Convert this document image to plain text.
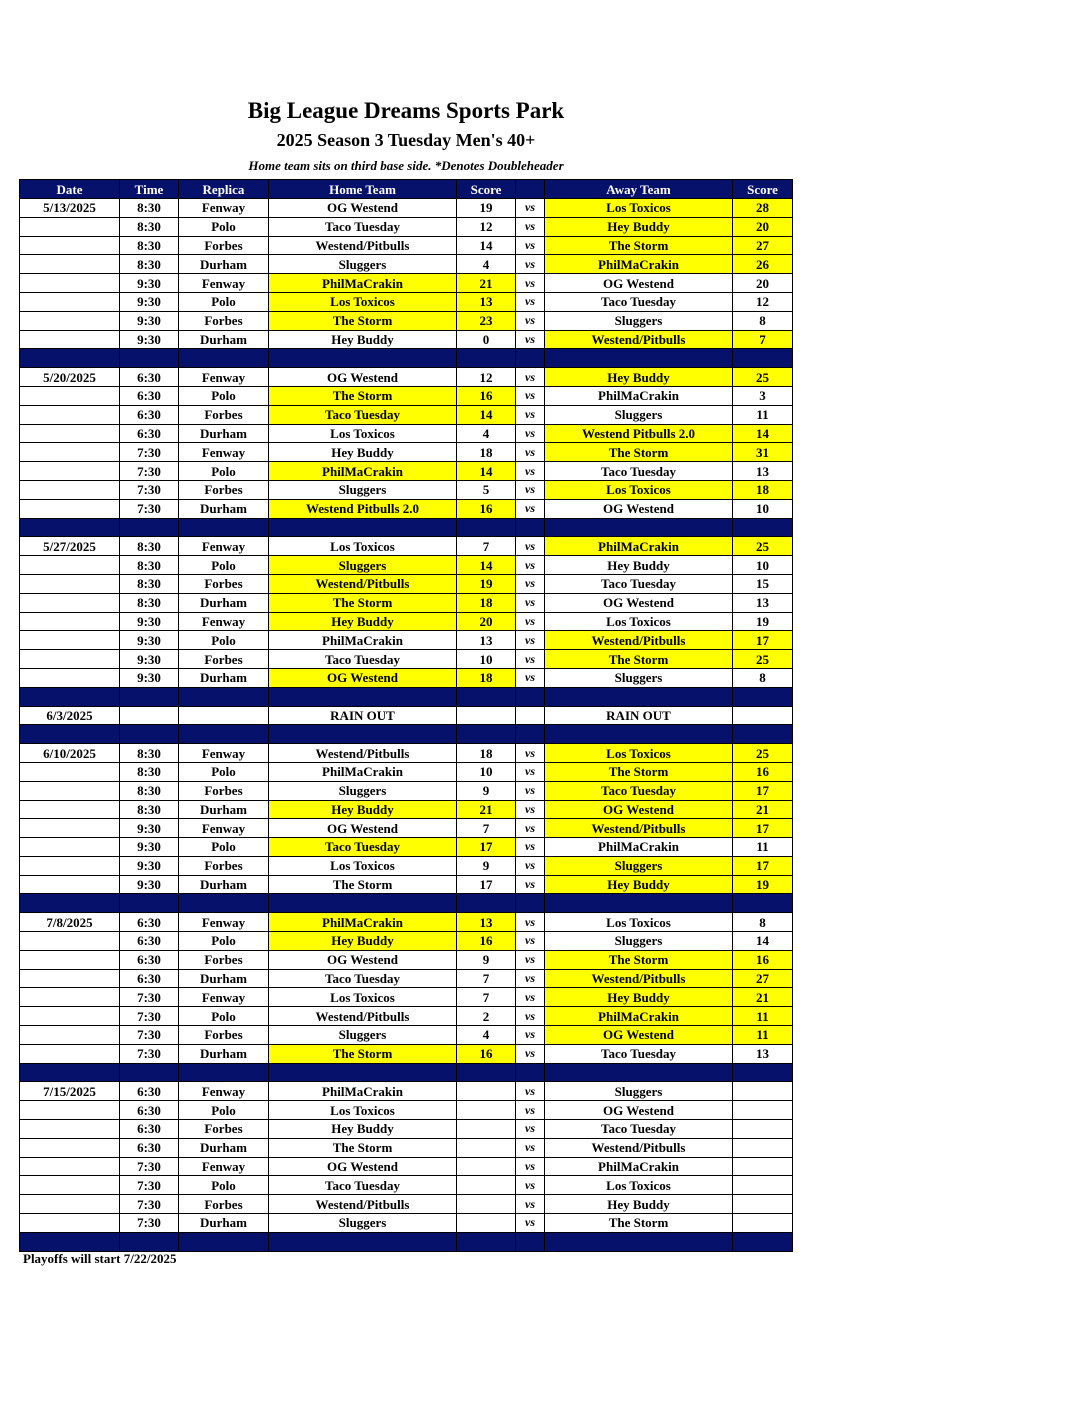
Big League Dreams Sports Park
2025 Season 3 Tuesday Men's 40+

Home team sits on third base side. *Denotes Doubleheader

Date	Time	Replica	Home Team	Score		Away Team	Score
5/13/2025	8:30	Fenway	OG Westend	19	vs	Los Toxicos	28
	8:30	Polo	Taco Tuesday	12	vs	Hey Buddy	20
	8:30	Forbes	Westend/Pitbulls	14	vs	The Storm	27
	8:30	Durham	Sluggers	4	vs	PhilMaCrakin	26
	9:30	Fenway	PhilMaCrakin	21	vs	OG Westend	20
	9:30	Polo	Los Toxicos	13	vs	Taco Tuesday	12
	9:30	Forbes	The Storm	23	vs	Sluggers	8
	9:30	Durham	Hey Buddy	0	vs	Westend/Pitbulls	7

5/20/2025	6:30	Fenway	OG Westend	12	vs	Hey Buddy	25
	6:30	Polo	The Storm	16	vs	PhilMaCrakin	3
	6:30	Forbes	Taco Tuesday	14	vs	Sluggers	11
	6:30	Durham	Los Toxicos	4	vs	Westend Pitbulls 2.0	14
	7:30	Fenway	Hey Buddy	18	vs	The Storm	31
	7:30	Polo	PhilMaCrakin	14	vs	Taco Tuesday	13
	7:30	Forbes	Sluggers	5	vs	Los Toxicos	18
	7:30	Durham	Westend Pitbulls 2.0	16	vs	OG Westend	10

5/27/2025	8:30	Fenway	Los Toxicos	7	vs	PhilMaCrakin	25
	8:30	Polo	Sluggers	14	vs	Hey Buddy	10
	8:30	Forbes	Westend/Pitbulls	19	vs	Taco Tuesday	15
	8:30	Durham	The Storm	18	vs	OG Westend	13
	9:30	Fenway	Hey Buddy	20	vs	Los Toxicos	19
	9:30	Polo	PhilMaCrakin	13	vs	Westend/Pitbulls	17
	9:30	Forbes	Taco Tuesday	10	vs	The Storm	25
	9:30	Durham	OG Westend	18	vs	Sluggers	8

6/3/2025			RAIN OUT			RAIN OUT	

6/10/2025	8:30	Fenway	Westend/Pitbulls	18	vs	Los Toxicos	25
	8:30	Polo	PhilMaCrakin	10	vs	The Storm	16
	8:30	Forbes	Sluggers	9	vs	Taco Tuesday	17
	8:30	Durham	Hey Buddy	21	vs	OG Westend	21
	9:30	Fenway	OG Westend	7	vs	Westend/Pitbulls	17
	9:30	Polo	Taco Tuesday	17	vs	PhilMaCrakin	11
	9:30	Forbes	Los Toxicos	9	vs	Sluggers	17
	9:30	Durham	The Storm	17	vs	Hey Buddy	19

7/8/2025	6:30	Fenway	PhilMaCrakin	13	vs	Los Toxicos	8
	6:30	Polo	Hey Buddy	16	vs	Sluggers	14
	6:30	Forbes	OG Westend	9	vs	The Storm	16
	6:30	Durham	Taco Tuesday	7	vs	Westend/Pitbulls	27
	7:30	Fenway	Los Toxicos	7	vs	Hey Buddy	21
	7:30	Polo	Westend/Pitbulls	2	vs	PhilMaCrakin	11
	7:30	Forbes	Sluggers	4	vs	OG Westend	11
	7:30	Durham	The Storm	16	vs	Taco Tuesday	13

7/15/2025	6:30	Fenway	PhilMaCrakin		vs	Sluggers	
	6:30	Polo	Los Toxicos		vs	OG Westend	
	6:30	Forbes	Hey Buddy		vs	Taco Tuesday	
	6:30	Durham	The Storm		vs	Westend/Pitbulls	
	7:30	Fenway	OG Westend		vs	PhilMaCrakin	
	7:30	Polo	Taco Tuesday		vs	Los Toxicos	
	7:30	Forbes	Westend/Pitbulls		vs	Hey Buddy	
	7:30	Durham	Sluggers		vs	The Storm	

Playoffs will start 7/22/2025
